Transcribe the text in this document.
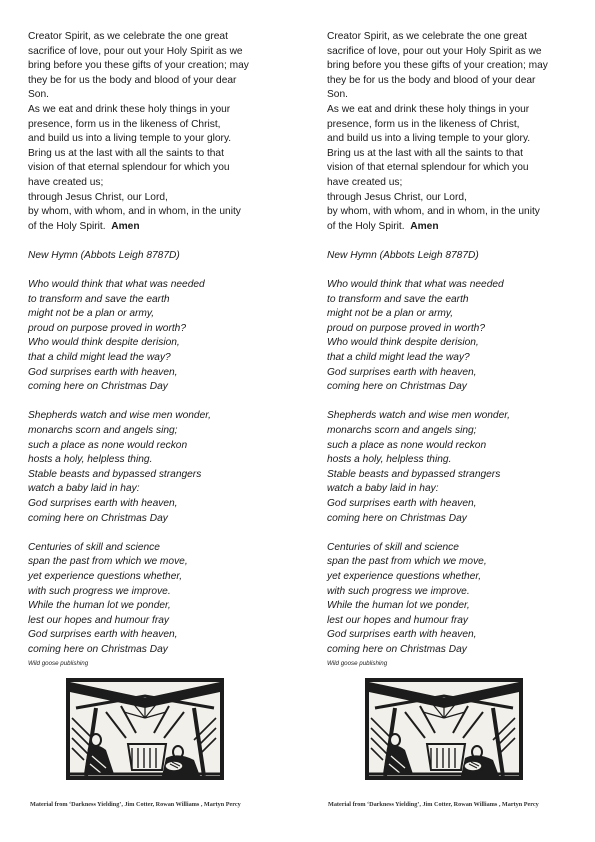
Creator Spirit, as we celebrate the one great
sacrifice of love, pour out your Holy Spirit as we
bring before you these gifts of your creation; may
they be for us the body and blood of your dear
Son.
As we eat and drink these holy things in your
presence, form us in the likeness of Christ,
and build us into a living temple to your glory.
Bring us at the last with all the saints to that
vision of that eternal splendour for which you
have created us;
through Jesus Christ, our Lord,
by whom, with whom, and in whom, in the unity
of the Holy Spirit. Amen
New Hymn (Abbots Leigh 8787D)
Who would think that what was needed
to transform and save the earth
might not be a plan or army,
proud on purpose proved in worth?
Who would think despite derision,
that a child might lead the way?
God surprises earth with heaven,
coming here on Christmas Day
Shepherds watch and wise men wonder,
monarchs scorn and angels sing;
such a place as none would reckon
hosts a holy, helpless thing.
Stable beasts and bypassed strangers
watch a baby laid in hay:
God surprises earth with heaven,
coming here on Christmas Day
Centuries of skill and science
span the past from which we move,
yet experience questions whether,
with such progress we improve.
While the human lot we ponder,
lest our hopes and humour fray
God surprises earth with heaven,
coming here on Christmas Day
Wild goose publishing
Creator Spirit, as we celebrate the one great
sacrifice of love, pour out your Holy Spirit as we
bring before you these gifts of your creation; may
they be for us the body and blood of your dear
Son.
As we eat and drink these holy things in your
presence, form us in the likeness of Christ,
and build us into a living temple to your glory.
Bring us at the last with all the saints to that
vision of that eternal splendour for which you
have created us;
through Jesus Christ, our Lord,
by whom, with whom, and in whom, in the unity
of the Holy Spirit. Amen
New Hymn (Abbots Leigh 8787D)
Who would think that what was needed
to transform and save the earth
might not be a plan or army,
proud on purpose proved in worth?
Who would think despite derision,
that a child might lead the way?
God surprises earth with heaven,
coming here on Christmas Day
Shepherds watch and wise men wonder,
monarchs scorn and angels sing;
such a place as none would reckon
hosts a holy, helpless thing.
Stable beasts and bypassed strangers
watch a baby laid in hay:
God surprises earth with heaven,
coming here on Christmas Day
Centuries of skill and science
span the past from which we move,
yet experience questions whether,
with such progress we improve.
While the human lot we ponder,
lest our hopes and humour fray
God surprises earth with heaven,
coming here on Christmas Day
Wild goose publishing
Material from ‘Darkness Yielding’, Jim Cotter, Rowan Williams , Martyn Percy	Material from ‘Darkness Yielding’, Jim Cotter, Rowan Williams , Martyn Percy
